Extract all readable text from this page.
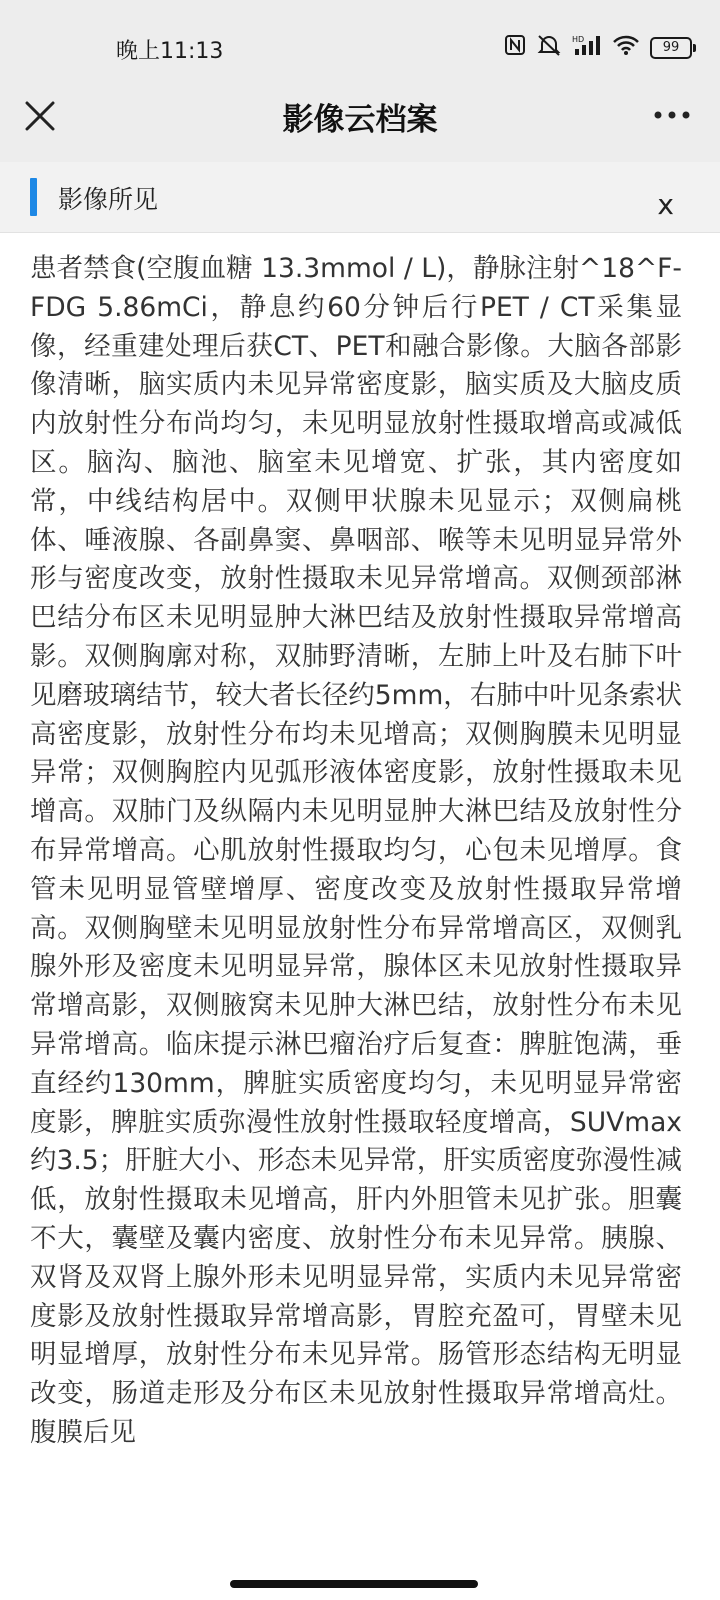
晚上11:13	HD	99
影像云档案
影像所见	x
患者禁食(空腹血糖 13.3mmol / L)，静脉注射^18^F-FDG 5.86mCi，静息约60分钟后行PET / CT采集显像，经重建处理后获CT、PET和融合影像。大脑各部影像清晰，脑实质内未见异常密度影，脑实质及大脑皮质内放射性分布尚均匀，未见明显放射性摄取增高或减低区。脑沟、脑池、脑室未见增宽、扩张，其内密度如常，中线结构居中。双侧甲状腺未见显示；双侧扁桃体、唾液腺、各副鼻窦、鼻咽部、喉等未见明显异常外形与密度改变，放射性摄取未见异常增高。双侧颈部淋巴结分布区未见明显肿大淋巴结及放射性摄取异常增高影。双侧胸廓对称，双肺野清晰，左肺上叶及右肺下叶见磨玻璃结节，较大者长径约5mm，右肺中叶见条索状高密度影，放射性分布均未见增高；双侧胸膜未见明显异常；双侧胸腔内见弧形液体密度影，放射性摄取未见增高。双肺门及纵隔内未见明显肿大淋巴结及放射性分布异常增高。心肌放射性摄取均匀，心包未见增厚。食管未见明显管壁增厚、密度改变及放射性摄取异常增高。双侧胸壁未见明显放射性分布异常增高区，双侧乳腺外形及密度未见明显异常，腺体区未见放射性摄取异常增高影，双侧腋窝未见肿大淋巴结，放射性分布未见异常增高。临床提示淋巴瘤治疗后复查：脾脏饱满，垂直经约130mm，脾脏实质密度均匀，未见明显异常密度影，脾脏实质弥漫性放射性摄取轻度增高，SUVmax约3.5；肝脏大小、形态未见异常，肝实质密度弥漫性减低，放射性摄取未见增高，肝内外胆管未见扩张。胆囊不大，囊壁及囊内密度、放射性分布未见异常。胰腺、双肾及双肾上腺外形未见明显异常，实质内未见异常密度影及放射性摄取异常增高影，胃腔充盈可，胃壁未见明显增厚，放射性分布未见异常。肠管形态结构无明显改变，肠道走形及分布区未见放射性摄取异常增高灶。腹膜后见
